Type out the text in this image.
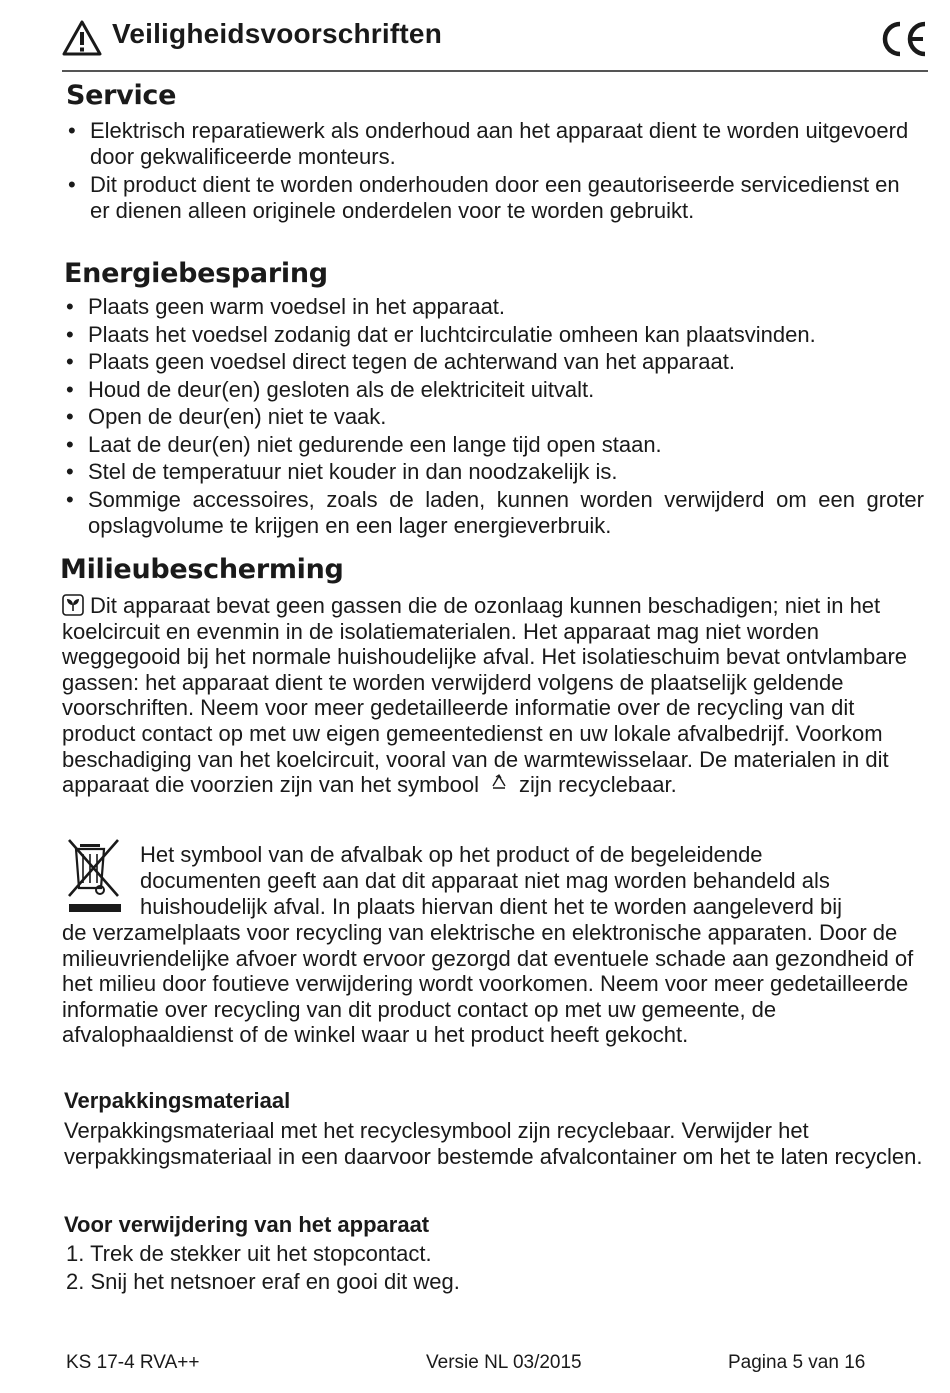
Veiligheidsvoorschriften
Service
• Elektrisch reparatiewerk als onderhoud aan het apparaat dient te worden uitgevoerd door gekwalificeerde monteurs.
• Dit product dient te worden onderhouden door een geautoriseerde servicedienst en er dienen alleen originele onderdelen voor te worden gebruikt.
Energiebesparing
• Plaats geen warm voedsel in het apparaat.
• Plaats het voedsel zodanig dat er luchtcirculatie omheen kan plaatsvinden.
• Plaats geen voedsel direct tegen de achterwand van het apparaat.
• Houd de deur(en) gesloten als de elektriciteit uitvalt.
• Open de deur(en) niet te vaak.
• Laat de deur(en) niet gedurende een lange tijd open staan.
• Stel de temperatuur niet kouder in dan noodzakelijk is.
• Sommige accessoires, zoals de laden, kunnen worden verwijderd om een groter opslagvolume te krijgen en een lager energieverbruik.
Milieubescherming

Dit apparaat bevat geen gassen die de ozonlaag kunnen beschadigen; niet in het koelcircuit en evenmin in de isolatiematerialen. Het apparaat mag niet worden weggegooid bij het normale huishoudelijke afval. Het isolatieschuim bevat ontvlambare gassen: het apparaat dient te worden verwijderd volgens de plaatselijk geldende voorschriften. Neem voor meer gedetailleerde informatie over de recycling van dit product contact op met uw eigen gemeentedienst en uw lokale afvalbedrijf. Voorkom beschadiging van het koelcircuit, vooral van de warmtewisselaar. De materialen in dit apparaat die voorzien zijn van het symbool zijn recyclebaar.

Het symbool van de afvalbak op het product of de begeleidende
documenten geeft aan dat dit apparaat niet mag worden behandeld als
huishoudelijk afval. In plaats hiervan dient het te worden aangeleverd bij

de verzamelplaats voor recycling van elektrische en elektronische apparaten. Door de milieuvriendelijke afvoer wordt ervoor gezorgd dat eventuele schade aan gezondheid of het milieu door foutieve verwijdering wordt voorkomen. Neem voor meer gedetailleerde informatie over recycling van dit product contact op met uw gemeente, de afvalophaaldienst of de winkel waar u het product heeft gekocht.

Verpakkingsmateriaal

Verpakkingsmateriaal met het recyclesymbool zijn recyclebaar. Verwijder het verpakkingsmateriaal in een daarvoor bestemde afvalcontainer om het te laten recyclen.

Voor verwijdering van het apparaat
1. Trek de stekker uit het stopcontact.
2. Snij het netsnoer eraf en gooi dit weg.
KS 17-4 RVA++	Versie NL 03/2015	Pagina 5 van 16
